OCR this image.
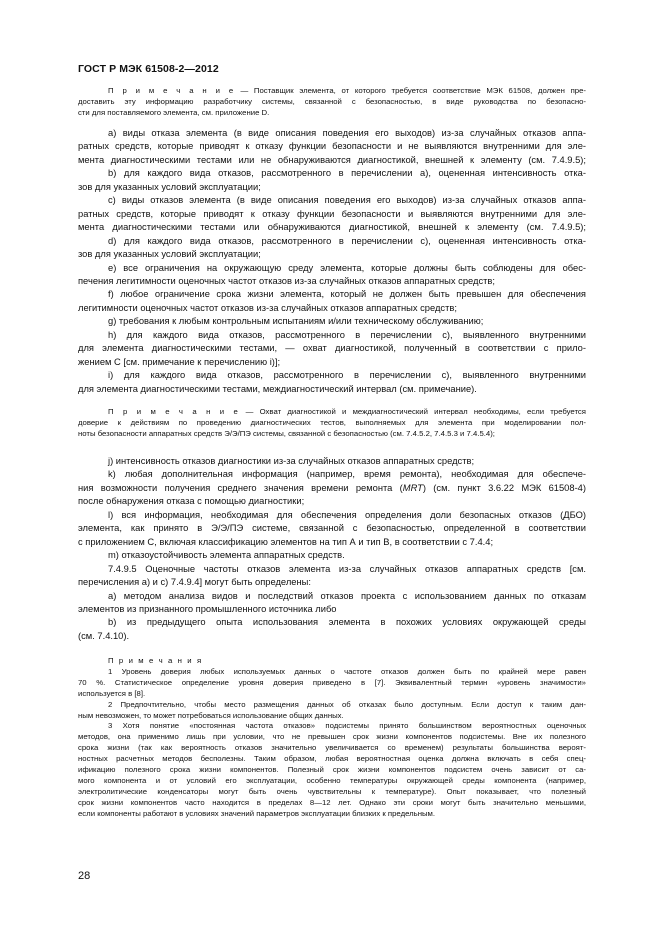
ГОСТ Р МЭК 61508-2—2012
П р и м е ч а н и е — Поставщик элемента, от которого требуется соответствие МЭК 61508, должен пре-
доставить эту информацию разработчику системы, связанной с безопасностью, в виде руководства по безопасно-
сти для поставляемого элемента, см. приложение D.
а) виды отказа элемента (в виде описания поведения его выходов) из-за случайных отказов аппа-
ратных средств, которые приводят к отказу функции безопасности и не выявляются внутренними для эле-
мента диагностическими тестами или не обнаруживаются диагностикой, внешней к элементу (см. 7.4.9.5);
b) для каждого вида отказов, рассмотренного в перечислении а), оцененная интенсивность отка-
зов для указанных условий эксплуатации;
с) виды отказов элемента (в виде описания поведения его выходов) из-за случайных отказов аппа-
ратных средств, которые приводят к отказу функции безопасности и выявляются внутренними для эле-
мента диагностическими тестами или обнаруживаются диагностикой, внешней к элементу (см. 7.4.9.5);
d) для каждого вида отказов, рассмотренного в перечислении с), оцененная интенсивность отка-
зов для указанных условий эксплуатации;
е) все ограничения на окружающую среду элемента, которые должны быть соблюдены для обес-
печения легитимности оценочных частот отказов из-за случайных отказов аппаратных средств;
f) любое ограничение срока жизни элемента, который не должен быть превышен для обеспечения
легитимности оценочных частот отказов из-за случайных отказов аппаратных средств;
g) требования к любым контрольным испытаниям и/или техническому обслуживанию;
h) для каждого вида отказов, рассмотренного в перечислении с), выявленного внутренними
для элемента диагностическими тестами, — охват диагностикой, полученный в соответствии с прило-
жением С [см. примечание к перечислению i)];
i) для каждого вида отказов, рассмотренного в перечислении с), выявленного внутренними
для элемента диагностическими тестами, междиагностический интервал (см. примечание).
П р и м е ч а н и е — Охват диагностикой и междиагностический интервал необходимы, если требуется
доверие к действиям по проведению диагностических тестов, выполняемых для элемента при моделировании пол-
ноты безопасности аппаратных средств Э/Э/ПЭ системы, связанной с безопасностью (см. 7.4.5.2, 7.4.5.3 и 7.4.5.4);
j) интенсивность отказов диагностики из-за случайных отказов аппаратных средств;
k) любая дополнительная информация (например, время ремонта), необходимая для обеспече-
ния возможности получения среднего значения времени ремонта (MRT) (см. пункт 3.6.22 МЭК 61508-4)
после обнаружения отказа с помощью диагностики;
l) вся информация, необходимая для обеспечения определения доли безопасных отказов (ДБО)
элемента, как принято в Э/Э/ПЭ системе, связанной с безопасностью, определенной в соответствии
с приложением С, включая классификацию элементов на тип А и тип В, в соответствии с 7.4.4;
m) отказоустойчивость элемента аппаратных средств.
7.4.9.5 Оценочные частоты отказов элемента из-за случайных отказов аппаратных средств [см.
перечисления а) и с) 7.4.9.4] могут быть определены:
а) методом анализа видов и последствий отказов проекта с использованием данных по отказам
элементов из признанного промышленного источника либо
b) из предыдущего опыта использования элемента в похожих условиях окружающей среды
(см. 7.4.10).
П р и м е ч а н и я
1 Уровень доверия любых используемых данных о частоте отказов должен быть по крайней мере равен
70 %. Статистическое определение уровня доверия приведено в [7]. Эквивалентный термин «уровень значимости»
используется в [8].
2 Предпочтительно, чтобы место размещения данных об отказах было доступным. Если доступ к таким дан-
ным невозможен, то может потребоваться использование общих данных.
3 Хотя понятие «постоянная частота отказов» подсистемы принято большинством вероятностных оценочных
методов, она применимо лишь при условии, что не превышен срок жизни компонентов подсистемы. Вне их полезного
срока жизни (так как вероятность отказов значительно увеличивается со временем) результаты большинства вероят-
ностных расчетных методов бесполезны. Таким образом, любая вероятностная оценка должна включать в себя спец-
ификацию полезного срока жизни компонентов. Полезный срок жизни компонентов подсистем очень зависит от са-
мого компонента и от условий его эксплуатации, особенно температуры окружающей среды компонента (например,
электролитические конденсаторы могут быть очень чувствительны к температуре). Опыт показывает, что полезный
срок жизни компонентов часто находится в пределах 8—12 лет. Однако эти сроки могут быть значительно меньшими,
если компоненты работают в условиях значений параметров эксплуатации близких к предельным.
28
